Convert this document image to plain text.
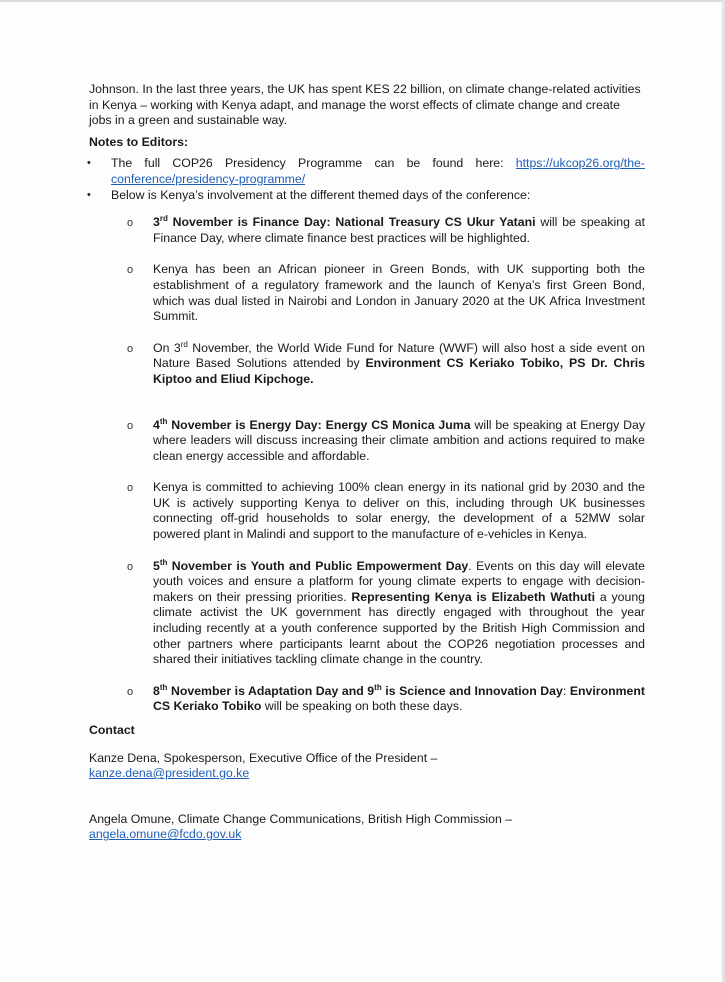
Johnson. In the last three years, the UK has spent KES 22 billion, on climate change-related activities in Kenya – working with Kenya adapt, and manage the worst effects of climate change and create jobs in a green and sustainable way.

Notes to Editors:

• The full COP26 Presidency Programme can be found here: https://ukcop26.org/the-conference/presidency-programme/
• Below is Kenya’s involvement at the different themed days of the conference:
o 3rd November is Finance Day: National Treasury CS Ukur Yatani will be speaking at Finance Day, where climate finance best practices will be highlighted.
o Kenya has been an African pioneer in Green Bonds, with UK supporting both the establishment of a regulatory framework and the launch of Kenya’s first Green Bond, which was dual listed in Nairobi and London in January 2020 at the UK Africa Investment Summit.
o On 3rd November, the World Wide Fund for Nature (WWF) will also host a side event on Nature Based Solutions attended by Environment CS Keriako Tobiko, PS Dr. Chris Kiptoo and Eliud Kipchoge.
o 4th November is Energy Day: Energy CS Monica Juma will be speaking at Energy Day where leaders will discuss increasing their climate ambition and actions required to make clean energy accessible and affordable.
o Kenya is committed to achieving 100% clean energy in its national grid by 2030 and the UK is actively supporting Kenya to deliver on this, including through UK businesses connecting off-grid households to solar energy, the development of a 52MW solar powered plant in Malindi and support to the manufacture of e-vehicles in Kenya.
o 5th November is Youth and Public Empowerment Day. Events on this day will elevate youth voices and ensure a platform for young climate experts to engage with decision-makers on their pressing priorities. Representing Kenya is Elizabeth Wathuti a young climate activist the UK government has directly engaged with throughout the year including recently at a youth conference supported by the British High Commission and other partners where participants learnt about the COP26 negotiation processes and shared their initiatives tackling climate change in the country.
o 8th November is Adaptation Day and 9th is Science and Innovation Day: Environment CS Keriako Tobiko will be speaking on both these days.

Contact

Kanze Dena, Spokesperson, Executive Office of the President –

kanze.dena@president.go.ke

Angela Omune, Climate Change Communications, British High Commission –

angela.omune@fcdo.gov.uk
